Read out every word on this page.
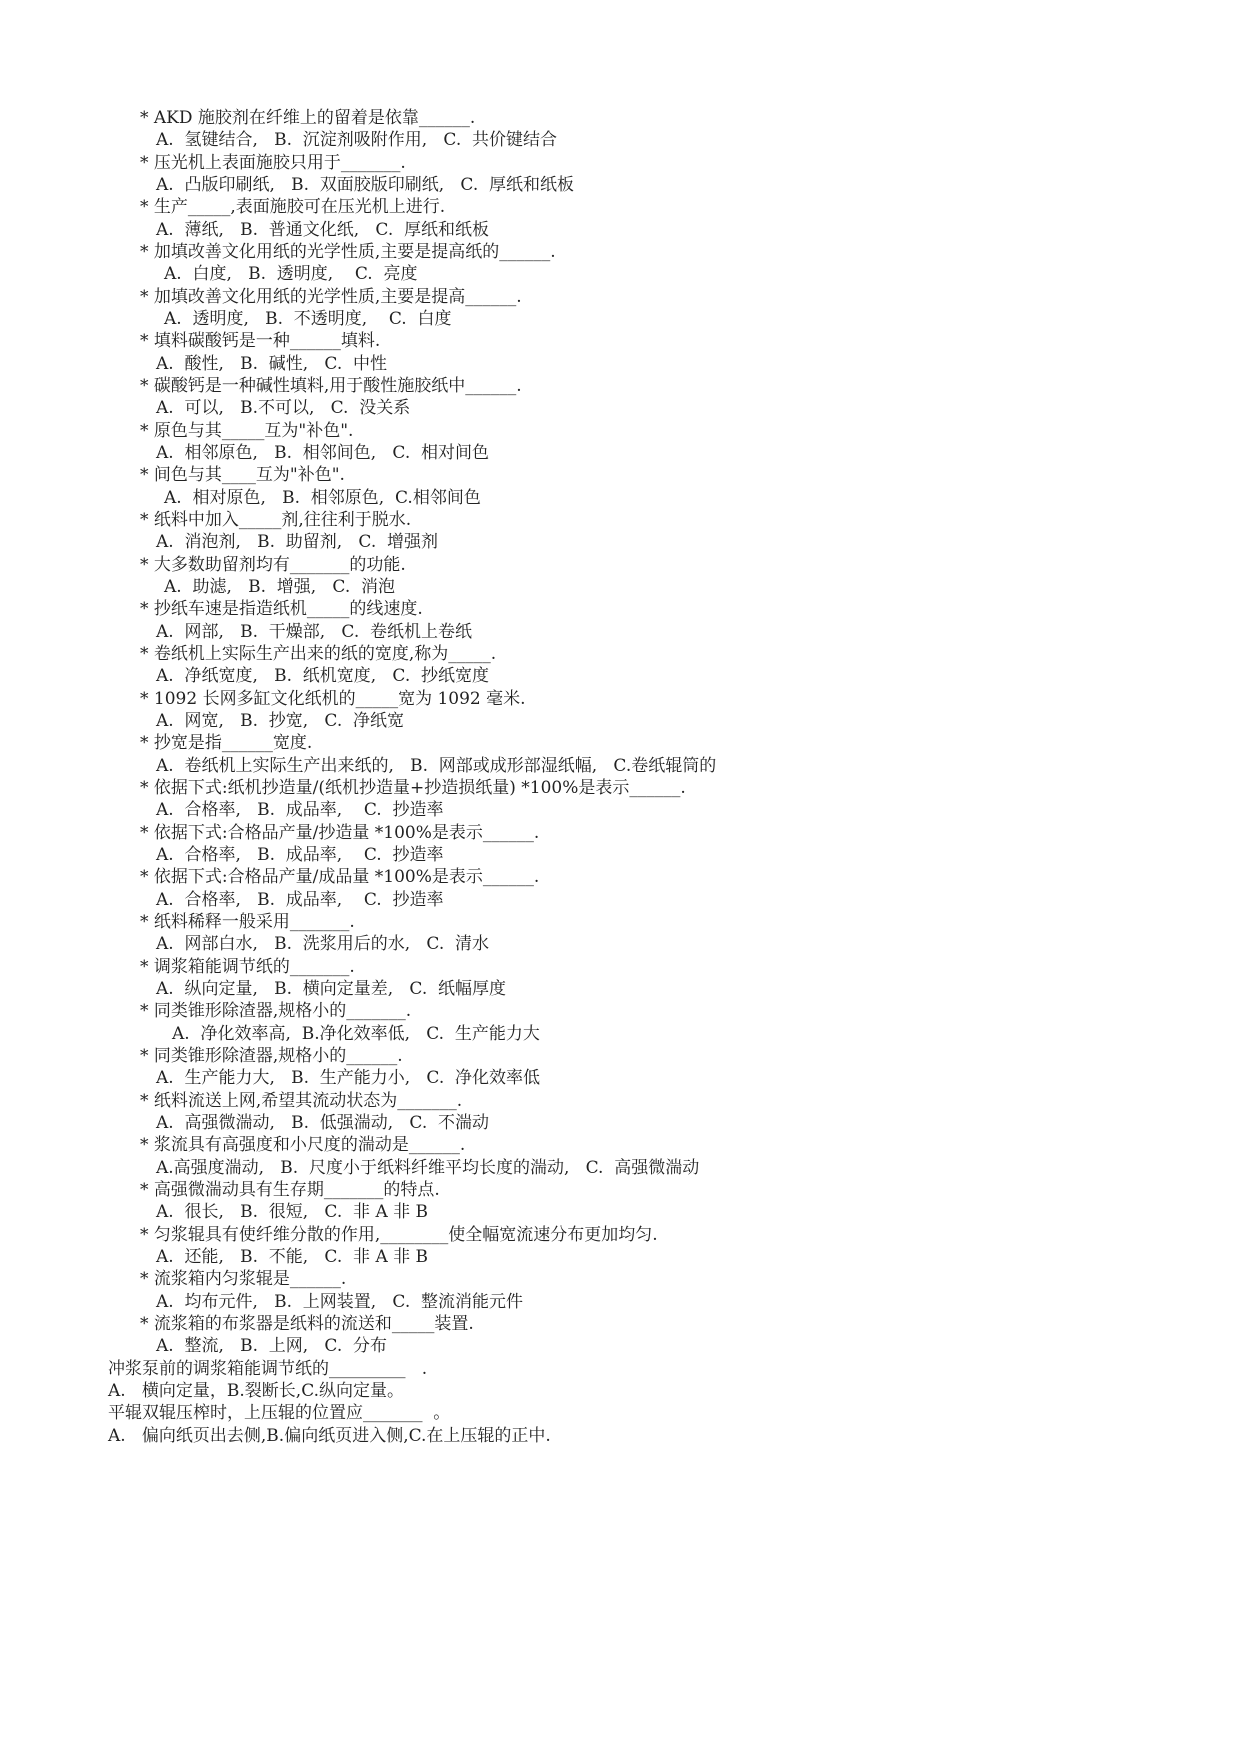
* AKD 施胶剂在纤维上的留着是依靠______.
A.  氢键结合,   B.  沉淀剂吸附作用,   C.  共价键结合
* 压光机上表面施胶只用于_______.
A.  凸版印刷纸,   B.  双面胶版印刷纸,   C.  厚纸和纸板
* 生产_____,表面施胶可在压光机上进行.
A.  薄纸,   B.  普通文化纸,   C.  厚纸和纸板
* 加填改善文化用纸的光学性质,主要是提高纸的______.
A.  白度,   B.  透明度,    C.  亮度
* 加填改善文化用纸的光学性质,主要是提高______.
A.  透明度,   B.  不透明度,    C.  白度
* 填料碳酸钙是一种______填料.
A.  酸性,   B.  碱性,   C.  中性
* 碳酸钙是一种碱性填料,用于酸性施胶纸中______.
A.  可以,   B.不可以,   C.  没关系
* 原色与其_____互为"补色".
A.  相邻原色,   B.  相邻间色,   C.  相对间色
* 间色与其____互为"补色".
A.  相对原色,   B.  相邻原色,  C.相邻间色
* 纸料中加入_____剂,往往利于脱水.
A.  消泡剂,   B.  助留剂,   C.  增强剂
* 大多数助留剂均有_______的功能.
A.  助滤,   B.  增强,   C.  消泡
* 抄纸车速是指造纸机_____的线速度.
A.  网部,   B.  干燥部,   C.  卷纸机上卷纸
* 卷纸机上实际生产出来的纸的宽度,称为_____.
A.  净纸宽度,   B.  纸机宽度,   C.  抄纸宽度
* 1092 长网多缸文化纸机的_____宽为 1092 毫米.
A.  网宽,   B.  抄宽,   C.  净纸宽
* 抄宽是指______宽度.
A.  卷纸机上实际生产出来纸的,   B.  网部或成形部湿纸幅,   C.卷纸辊筒的
* 依据下式:纸机抄造量/(纸机抄造量+抄造损纸量) *100%是表示______.
A.  合格率,   B.  成品率,    C.  抄造率
* 依据下式:合格品产量/抄造量 *100%是表示______.
A.  合格率,   B.  成品率,    C.  抄造率
* 依据下式:合格品产量/成品量 *100%是表示______.
A.  合格率,   B.  成品率,    C.  抄造率
* 纸料稀释一般采用_______.
A.  网部白水,   B.  洗浆用后的水,   C.  清水
* 调浆箱能调节纸的_______.
A.  纵向定量,   B.  横向定量差,   C.  纸幅厚度
* 同类锥形除渣器,规格小的_______.
A.  净化效率高,  B.净化效率低,   C.  生产能力大
* 同类锥形除渣器,规格小的______.
A.  生产能力大,   B.  生产能力小,   C.  净化效率低
* 纸料流送上网,希望其流动状态为_______.
A.  高强微湍动,   B.  低强湍动,   C.  不湍动
* 浆流具有高强度和小尺度的湍动是______.
A.高强度湍动,   B.  尺度小于纸料纤维平均长度的湍动,   C.  高强微湍动
* 高强微湍动具有生存期_______的特点.
A.  很长,   B.  很短,   C.  非 A 非 B
* 匀浆辊具有使纤维分散的作用,________使全幅宽流速分布更加均匀.
A.  还能,   B.  不能,   C.  非 A 非 B
* 流浆箱内匀浆辊是______.
A.  均布元件,   B.  上网装置,   C.  整流消能元件
* 流浆箱的布浆器是纸料的流送和_____装置.
A.  整流,   B.  上网,   C.  分布
冲浆泵前的调浆箱能调节纸的_________   .
A.   横向定量，B.裂断长,C.纵向定量。
平辊双辊压榨时，上压辊的位置应_______  。
A.   偏向纸页出去侧,B.偏向纸页进入侧,C.在上压辊的正中.
